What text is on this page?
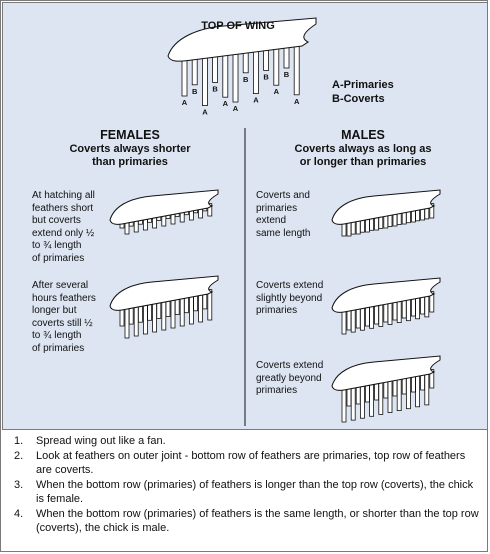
A
B
A
B
A
A
B
A
B
A
B
A
TOP OF WING
A-Primaries
B-Coverts
FEMALES
Coverts always shorter
than primaries
MALES
Coverts always as long as
or longer than primaries
At hatching all
feathers short
but coverts
extend only ½
to ¾ length
of primaries
After several
hours feathers
longer but
coverts still ½
to ¾ length
of primaries
Coverts and
primaries
extend
same length
Coverts extend
slightly beyond
primaries
Coverts extend
greatly beyond
primaries
1. Spread wing out like a fan.
2. Look at feathers on outer joint - bottom row of feathers are primaries, top row of feathers are coverts.
3. When the bottom row (primaries) of feathers is longer than the top row (coverts), the chick is female.
4. When the bottom row (primaries) of feathers is the same length, or shorter than the top row (coverts), the chick is male.
